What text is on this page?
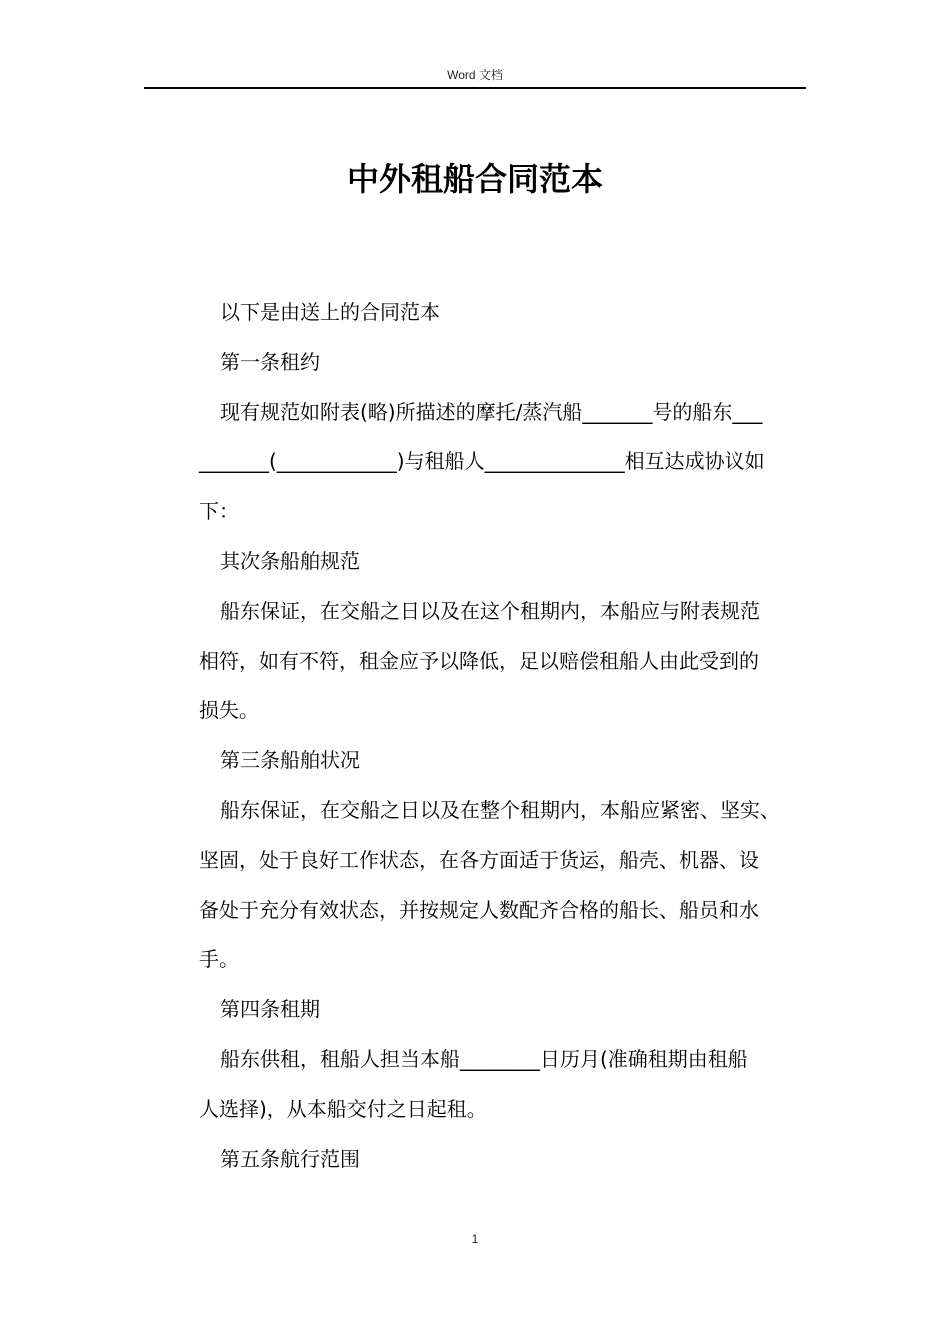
Word 文档
中外租船合同范本

以下是由送上的合同范本

第一条租约

现有规范如附表(略)所描述的摩托/蒸汽船_______号的船东___
_______(____________)与租船人______________相互达成协议如
下：

其次条船舶规范

船东保证，在交船之日以及在这个租期内，本船应与附表规范
相符，如有不符，租金应予以降低，足以赔偿租船人由此受到的
损失。

第三条船舶状况

船东保证，在交船之日以及在整个租期内，本船应紧密、坚实、
坚固，处于良好工作状态，在各方面适于货运，船壳、机器、设
备处于充分有效状态，并按规定人数配齐合格的船长、船员和水
手。

第四条租期

船东供租，租船人担当本船________日历月(准确租期由租船
人选择)，从本船交付之日起租。

第五条航行范围

1
